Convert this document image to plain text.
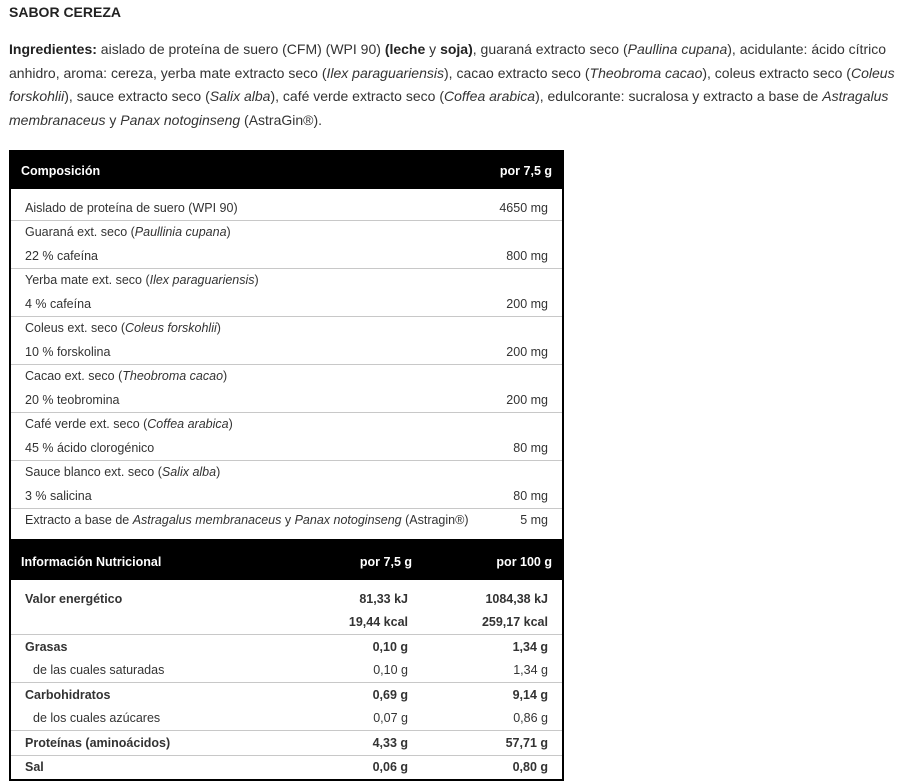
SABOR CEREZA

Ingredientes: aislado de proteína de suero (CFM) (WPI 90) (leche y soja), guaraná extracto seco (Paullina cupana), acidulante: ácido cítrico anhidro, aroma: cereza, yerba mate extracto seco (Ilex paraguariensis), cacao extracto seco (Theobroma cacao), coleus extracto seco (Coleus forskohlii), sauce extracto seco (Salix alba), café verde extracto seco (Coffea arabica), edulcorante: sucralosa y extracto a base de Astragalus membranaceus y Panax notoginseng (AstraGin®).

Composición	por 7,5 g

Aislado de proteína de suero (WPI 90)	4650 mg
Guaraná ext. seco (Paullinia cupana)	
22 % cafeína	800 mg
Yerba mate ext. seco (Ilex paraguariensis)	
4 % cafeína	200 mg
Coleus ext. seco (Coleus forskohlii)	
10 % forskolina	200 mg
Cacao ext. seco (Theobroma cacao)	
20 % teobromina	200 mg
Café verde ext. seco (Coffea arabica)	
45 % ácido clorogénico	80 mg
Sauce blanco ext. seco (Salix alba)	
3 % salicina	80 mg
Extracto a base de Astragalus membranaceus y Panax notoginseng (Astragin®)	5 mg

Información Nutricional	por 7,5 g	por 100 g

Valor energético	81,33 kJ	1084,38 kJ
	19,44 kcal	259,17 kcal
Grasas	0,10 g	1,34 g
de las cuales saturadas	0,10 g	1,34 g
Carbohidratos	0,69 g	9,14 g
de los cuales azúcares	0,07 g	0,86 g
Proteínas (aminoácidos)	4,33 g	57,71 g
Sal	0,06 g	0,80 g
